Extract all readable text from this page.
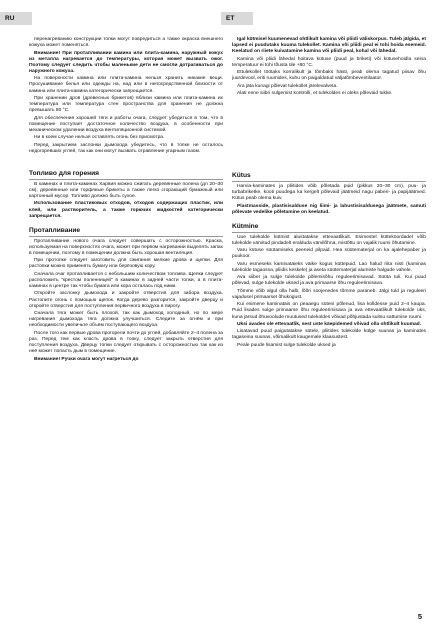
RU	ET

перенагреванию конструкции топки могут повредиться а также окраска внешнего кожуха может поменяться.

Внимание! При протапливании камина или плита-камина, наружный кожух из металла нагревается до температуры, которая может вызвать ожог. Поэтому следует следить чтобы маленькие дети не смогли дотрагиваться до наружного кожуха.

На поверхности камина или плита-камина нельзя хранить никакие вещи. Просушивание белья или одежды на, над или в непосредственной близости от камина или плита-камина категорически запрещается.

При хранении дров (древесных брикетов) вблизи камина или плита-камина их температура или температура стен пространства для хранения не должна превышать 80 °С.

Для обеспечения хорошей тяги и работы очага, следует убедиться в том, что в помещение поступает достаточное количество воздуха, в особенности при механическом удалении воздуха вентиляционной системой.

Ни в коем случае нельзя оставлять огонь без присмотра.

Перед закрытием заслонки дымохода убедитесь, что в топке не осталось недогоревших углей, так как они могут вызвать отравление угарным газом.

Топливо для горения

В каминах и плита-каминах Харвия можно сжигать деревянные полена (дл 20–30 см), деревянные или торфяные брикеты а также легко сгорающий бумажный или картонный мусор. Топливо должно быть сухое.

Использование пластиковых отходов, отходов содержащих пластик, или клей, или растворитель, а также горючих жидкостей категорически запрещается.

Протапливание

Протапливание нового очага следует совершать с осторожностью. Краска, используемая на поверхностях очага, может при первом нагревании выделять запах в помещении, поэтому в помещении должна быть хорошая вентиляция.

При протопке следует заготовить для сжигания мелкие дрова и щепки. Для растопки можно применять бумагу или берёзовую кору.

Сначала очаг протапливается с небольшим количеством топлива. Щепки следует расположить "крестом поленницей" в каминах в задней части топки, а в плита-каминах в центре так чтобы бумага или кора осталась под ними.

Откройте заслонку дымохода и закройте отверстия для забора воздуха. Растопите огонь с помощью щепок. Когда дерево разгорится, закройте дверцу и откройте отверстия для поступления первичного воздуха в пирогу.

Сначала тяга может быть плохой, так как дымоход холодный, но по мере нагревания дымохода тяга должна улучшиться. Следите за огнём и при необходимости увеличьте объём поступающего воздуха.

После того как первые дрова прогорели почти до углей, добавляйте 2–4 полена за раз. Перед тем как класть дрова в топку, следует закрыть отверстия для поступления воздуха. Дверцу топки следует открывать с осторожностью так как из неё может попасть дым в помещение.

Внимание! Ручки очага могут нагреться до

Igal kütmisel kuumenevad ohtlikult kamina või pliidi väliskorpus. Tuleb jälgida, et lapsed ei puudutaks kuuma tulekollet. Kamina või pliidi peal ei tohi hoida esemeid. Keelatud on riiete kuivatamine kamina või pliidi peal, kohal või lähedal.

Kamina või pliidi lähedal hoitava kütuse (puud ja briketi) või kütusehoidla seina temperatuur ei tohi tõusta üle +80 °C.

Ettulekollet töötaks korralikult ja tõmbaks hästi, peab olema tagatud piisav õhu juurdevool, eriti ruumides, kuhu on paigaldatud väljatõmbeventilaator.

Ära jäta kunagi põlevat tulekollet järelevalveta.

Alati enne siibri sulgemist kontrolli, et tulekoldes ei oleks põlevaid tukke.

Kütus

Harvia-kaminates ja pliitides võib põletada puid (pikkus 20–30 cm), puu- ja turbabriketke, kooti puudega ka kergelt põlevaid jäätmeid nagu paberi- ja papijäätmed. Kütus peab olema kuiv.

Plastmasside, plastisisalduse nig liimi- ja lahustisisaldusega jäätmete, samuti põlevate vedelike põletamine on keelatud.

Kütmine

Uue tulekolde kütmist alustatakse ettevaatlikult. Esimestel kütteköordadel võib tulekolde värvitud pindadelt eralduda värvilõhna, mistõttu on vajalik ruumi õhutamine.

Varu kütuse süütamiseks peeneid pilpaid. Hea süütematerjal on ka ajalehepaber ja puukoor.

Varu esmeseks kaminatäieks väike kogus küttepuid. Lao halud riita nisti (kaminas tulekolde tagaossa, pliidis keskele) ja aseta süütematerjal alumiste halgude vahele.

Ava siiber ja sulge tulekolde põlemisõhu reguleerimisavad. Süüta tuli. Kui puud põlevad, sulge tulekolde uksed ja ava primaarse õhu reguleerimisava.

Tõmme võib algul olla halb, lõõri soojenedes tõmme paraneb. Jälgi tuld ja reguleeri vajadusel primaarset õhukogust.

Kui esimene kaminatäis on peaaegu süteni põlenud, lisa kolldesse puid 2–4 kaupa. Puid lisades sulge primaarse õhu reguleerimisava ja ava ettevaatlikult tulekolde uks, kuna järsud õhuvoolude muutused tulekoldes võivad põhjustada suitsu sattumise ruumi.

Uksi avades ole ettevaatlik, sest uste käepidemed võivad olla ohtlikult kuumad.

Lisatavad puud paigutatakse sütele, pliitides tulekolde külge suunas ja kaminates tagaseina suunas, võimalikult kaugemale klaasustest.

Peale puude lisamist sulge tulekolde uksed ja

5
